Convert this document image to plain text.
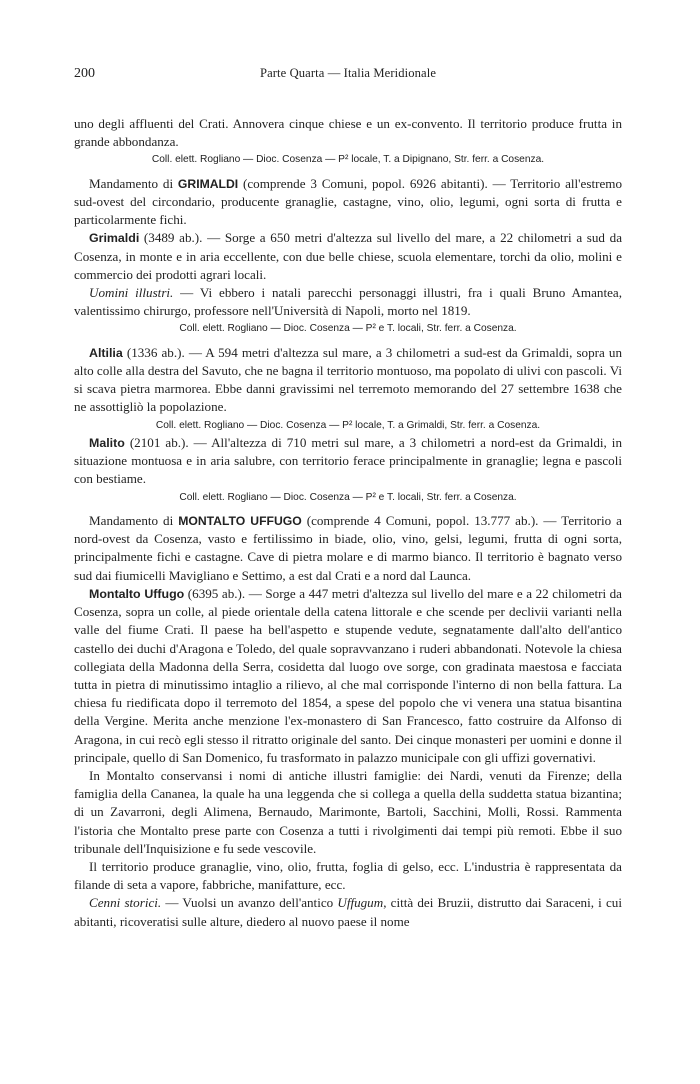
200	Parte Quarta — Italia Meridionale

uno degli affluenti del Crati. Annovera cinque chiese e un ex-convento. Il territorio produce frutta in grande abbondanza.

Coll. elett. Rogliano — Dioc. Cosenza — P² locale, T. a Dipignano, Str. ferr. a Cosenza.

Mandamento di GRIMALDI (comprende 3 Comuni, popol. 6926 abitanti). — Territorio all'estremo sud-ovest del circondario, producente granaglie, castagne, vino, olio, legumi, ogni sorta di frutta e particolarmente fichi.

Grimaldi (3489 ab.). — Sorge a 650 metri d'altezza sul livello del mare, a 22 chilometri a sud da Cosenza, in monte e in aria eccellente, con due belle chiese, scuola elementare, torchi da olio, molini e commercio dei prodotti agrari locali.

Uomini illustri. — Vi ebbero i natali parecchi personaggi illustri, fra i quali Bruno Amantea, valentissimo chirurgo, professore nell'Università di Napoli, morto nel 1819.

Coll. elett. Rogliano — Dioc. Cosenza — P² e T. locali, Str. ferr. a Cosenza.

Altilia (1336 ab.). — A 594 metri d'altezza sul mare, a 3 chilometri a sud-est da Grimaldi, sopra un alto colle alla destra del Savuto, che ne bagna il territorio montuoso, ma popolato di ulivi con pascoli. Vi si scava pietra marmorea. Ebbe danni gravissimi nel terremoto memorando del 27 settembre 1638 che ne assottigliò la popolazione.

Coll. elett. Rogliano — Dioc. Cosenza — P² locale, T. a Grimaldi, Str. ferr. a Cosenza.

Malito (2101 ab.). — All'altezza di 710 metri sul mare, a 3 chilometri a nord-est da Grimaldi, in situazione montuosa e in aria salubre, con territorio ferace principalmente in granaglie; legna e pascoli con bestiame.

Coll. elett. Rogliano — Dioc. Cosenza — P² e T. locali, Str. ferr. a Cosenza.

Mandamento di MONTALTO UFFUGO (comprende 4 Comuni, popol. 13.777 ab.). — Territorio a nord-ovest da Cosenza, vasto e fertilissimo in biade, olio, vino, gelsi, legumi, frutta di ogni sorta, principalmente fichi e castagne. Cave di pietra molare e di marmo bianco. Il territorio è bagnato verso sud dai fiumicelli Mavigliano e Settimo, a est dal Crati e a nord dal Launca.

Montalto Uffugo (6395 ab.). — Sorge a 447 metri d'altezza sul livello del mare e a 22 chilometri da Cosenza, sopra un colle, al piede orientale della catena littorale e che scende per declivii varianti nella valle del fiume Crati. Il paese ha bell'aspetto e stupende vedute, segnatamente dall'alto dell'antico castello dei duchi d'Aragona e Toledo, del quale sopravvanzano i ruderi abbandonati. Notevole la chiesa collegiata della Madonna della Serra, cosidetta dal luogo ove sorge, con gradinata maestosa e facciata tutta in pietra di minutissimo intaglio a rilievo, al che mal corrisponde l'interno di non bella fattura. La chiesa fu riedificata dopo il terremoto del 1854, a spese del popolo che vi venera una statua bisantina della Vergine. Merita anche menzione l'ex-monastero di San Francesco, fatto costruire da Alfonso di Aragona, in cui recò egli stesso il ritratto originale del santo. Dei cinque monasteri per uomini e donne il principale, quello di San Domenico, fu trasformato in palazzo municipale con gli uffizi governativi.

In Montalto conservansi i nomi di antiche illustri famiglie: dei Nardi, venuti da Firenze; della famiglia della Cananea, la quale ha una leggenda che si collega a quella della suddetta statua bizantina; di un Zavarroni, degli Alimena, Bernaudo, Marimonte, Bartoli, Sacchini, Molli, Rossi. Rammenta l'istoria che Montalto prese parte con Cosenza a tutti i rivolgimenti dai tempi più remoti. Ebbe il suo tribunale dell'Inquisizione e fu sede vescovile.

Il territorio produce granaglie, vino, olio, frutta, foglia di gelso, ecc. L'industria è rappresentata da filande di seta a vapore, fabbriche, manifatture, ecc.

Cenni storici. — Vuolsi un avanzo dell'antico Uffugum, città dei Bruzii, distrutto dai Saraceni, i cui abitanti, ricoveratisi sulle alture, diedero al nuovo paese il nome
